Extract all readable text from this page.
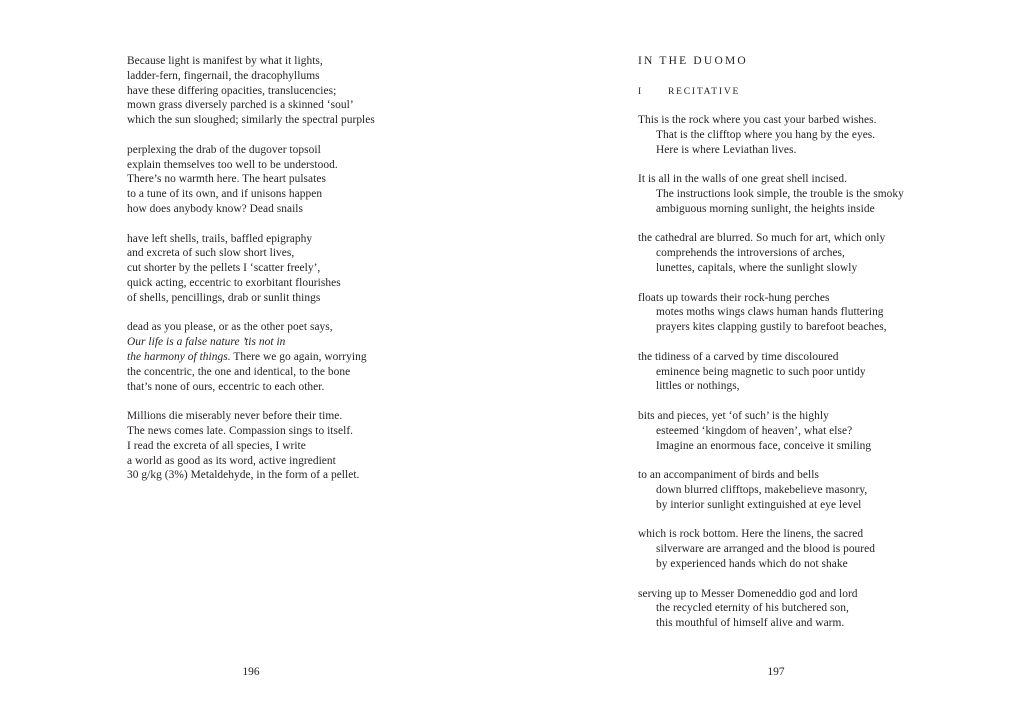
Because light is manifest by what it lights,
ladder-fern, fingernail, the dracophyllums
have these differing opacities, translucencies;
mown grass diversely parched is a skinned ‘soul’
which the sun sloughed; similarly the spectral purples
perplexing the drab of the dugover topsoil
explain themselves too well to be understood.
There’s no warmth here. The heart pulsates
to a tune of its own, and if unisons happen
how does anybody know? Dead snails
have left shells, trails, baffled epigraphy
and excreta of such slow short lives,
cut shorter by the pellets I ‘scatter freely’,
quick acting, eccentric to exorbitant flourishes
of shells, pencillings, drab or sunlit things
dead as you please, or as the other poet says,
Our life is a false nature ’tis not in
the harmony of things. There we go again, worrying
the concentric, the one and identical, to the bone
that’s none of ours, eccentric to each other.
Millions die miserably never before their time.
The news comes late. Compassion sings to itself.
I read the excreta of all species, I write
a world as good as its word, active ingredient
30 g/kg (3%) Metaldehyde, in the form of a pellet.
196
IN THE DUOMO
I	RECITATIVE
This is the rock where you cast your barbed wishes.
That is the clifftop where you hang by the eyes.
Here is where Leviathan lives.
It is all in the walls of one great shell incised.
The instructions look simple, the trouble is the smoky
ambiguous morning sunlight, the heights inside
the cathedral are blurred. So much for art, which only
comprehends the introversions of arches,
lunettes, capitals, where the sunlight slowly
floats up towards their rock-hung perches
motes moths wings claws human hands fluttering
prayers kites clapping gustily to barefoot beaches,
the tidiness of a carved by time discoloured
eminence being magnetic to such poor untidy
littles or nothings,
bits and pieces, yet ‘of such’ is the highly
esteemed ‘kingdom of heaven’, what else?
Imagine an enormous face, conceive it smiling
to an accompaniment of birds and bells
down blurred clifftops, makebelieve masonry,
by interior sunlight extinguished at eye level
which is rock bottom. Here the linens, the sacred
silverware are arranged and the blood is poured
by experienced hands which do not shake
serving up to Messer Domeneddio god and lord
the recycled eternity of his butchered son,
this mouthful of himself alive and warm.
197
